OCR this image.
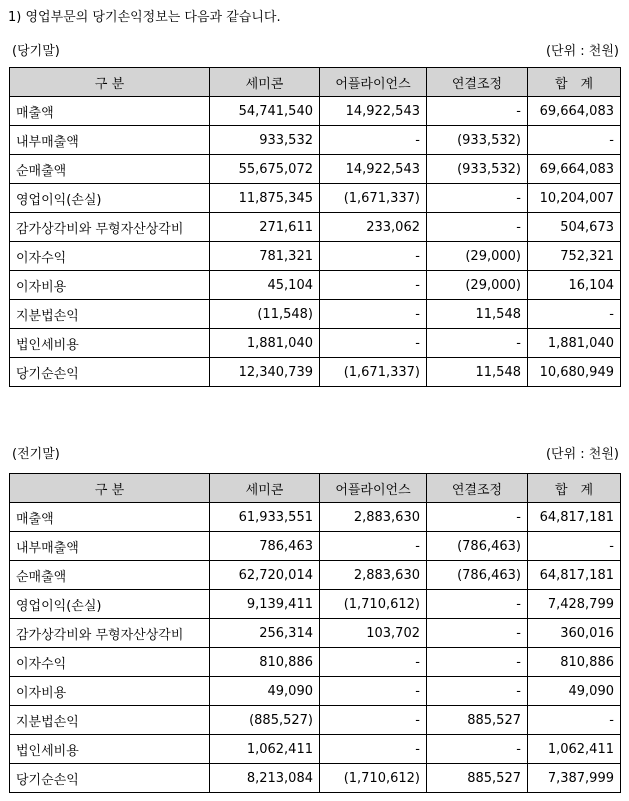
1) 영업부문의 당기손익정보는 다음과 같습니다.
(당기말)	(단위 : 천원)
구 분	세미콘	어플라이언스	연결조정	합　계
매출액	54,741,540	14,922,543	-	69,664,083
내부매출액	933,532	-	(933,532)	-
순매출액	55,675,072	14,922,543	(933,532)	69,664,083
영업이익(손실)	11,875,345	(1,671,337)	-	10,204,007
감가상각비와 무형자산상각비	271,611	233,062	-	504,673
이자수익	781,321	-	(29,000)	752,321
이자비용	45,104	-	(29,000)	16,104
지분법손익	(11,548)	-	11,548	-
법인세비용	1,881,040	-	-	1,881,040
당기순손익	12,340,739	(1,671,337)	11,548	10,680,949
(전기말)	(단위 : 천원)
구 분	세미콘	어플라이언스	연결조정	합　계
매출액	61,933,551	2,883,630	-	64,817,181
내부매출액	786,463	-	(786,463)	-
순매출액	62,720,014	2,883,630	(786,463)	64,817,181
영업이익(손실)	9,139,411	(1,710,612)	-	7,428,799
감가상각비와 무형자산상각비	256,314	103,702	-	360,016
이자수익	810,886	-	-	810,886
이자비용	49,090	-	-	49,090
지분법손익	(885,527)	-	885,527	-
법인세비용	1,062,411	-	-	1,062,411
당기순손익	8,213,084	(1,710,612)	885,527	7,387,999
